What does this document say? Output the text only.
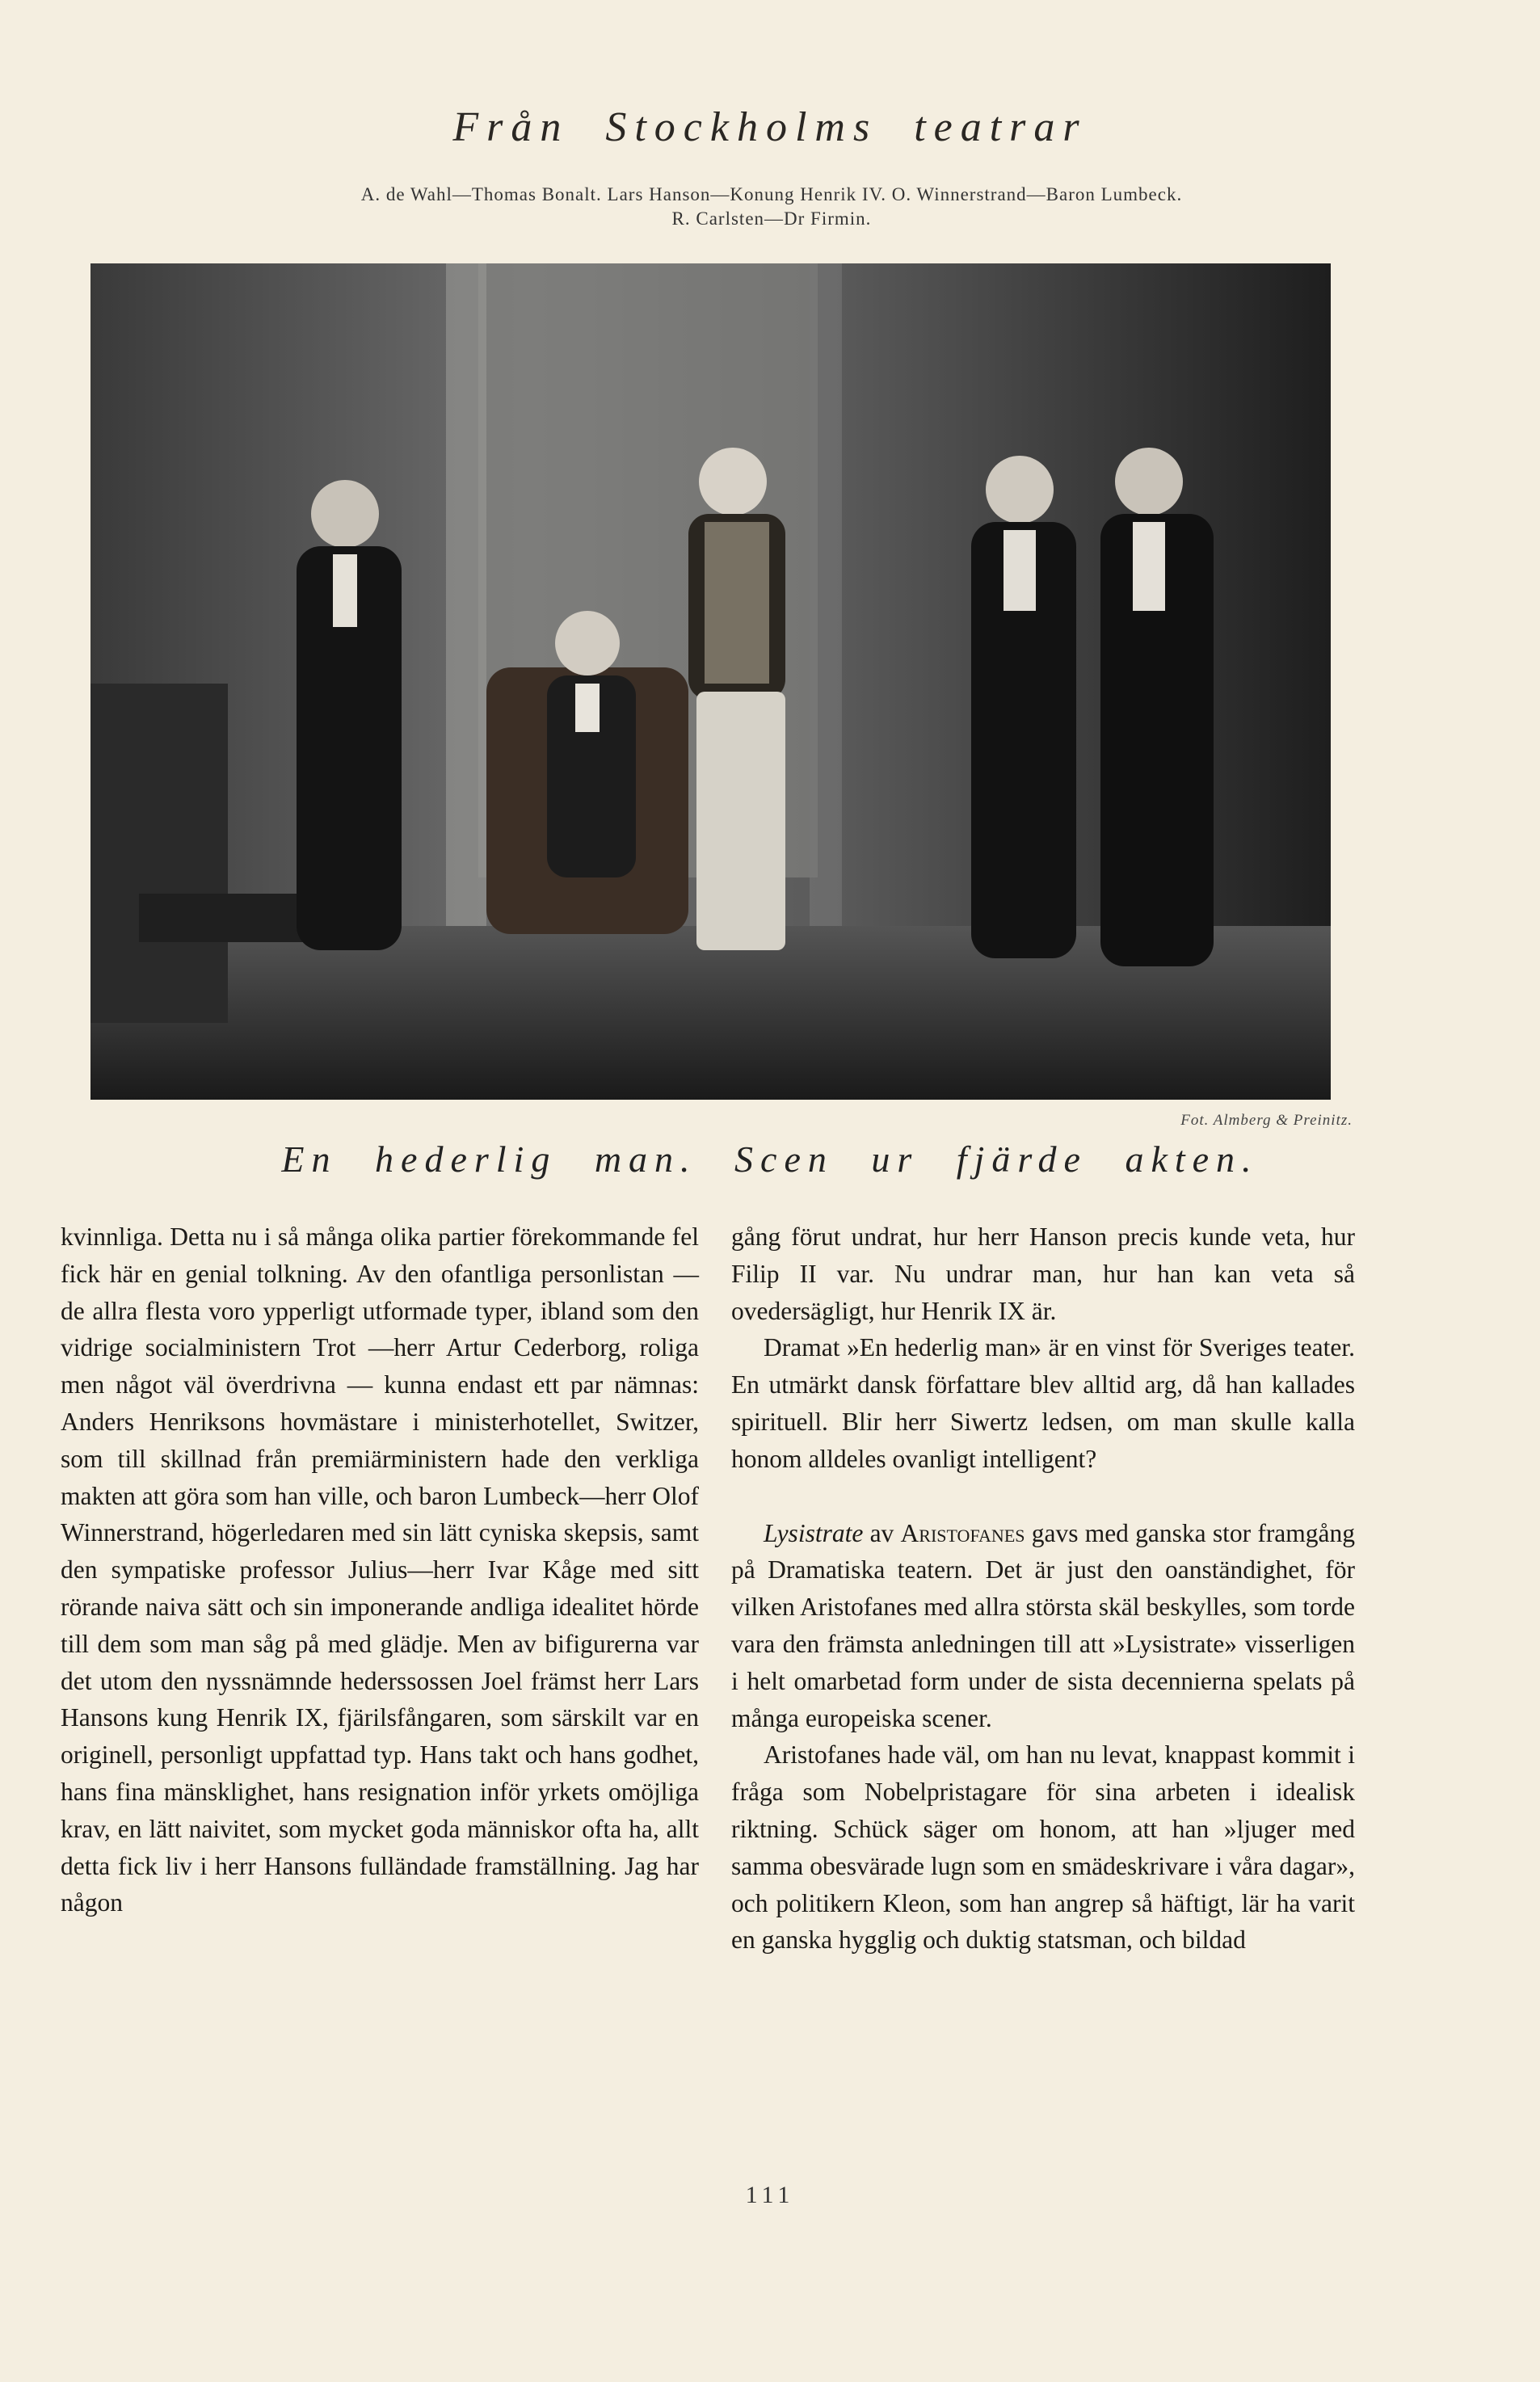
Från Stockholms teatrar
A. de Wahl—Thomas Bonalt. Lars Hanson—Konung Henrik IV. O. Winnerstrand—Baron Lumbeck.
R. Carlsten—Dr Firmin.
Fot. Almberg & Preinitz.
En hederlig man. Scen ur fjärde akten.

kvinnliga. Detta nu i så många olika partier förekommande fel fick här en genial tolkning. Av den ofantliga personlistan — de allra flesta voro ypperligt utformade typer, ibland som den vidrige socialministern Trot —herr Artur Cederborg, roliga men något väl överdrivna — kunna endast ett par nämnas: Anders Henriksons hovmästare i ministerhotellet, Switzer, som till skillnad från premiärministern hade den verkliga makten att göra som han ville, och baron Lumbeck—herr Olof Winnerstrand, högerledaren med sin lätt cyniska skepsis, samt den sympatiske professor Julius—herr Ivar Kåge med sitt rörande naiva sätt och sin imponerande andliga idealitet hörde till dem som man såg på med glädje. Men av bifigurerna var det utom den nyssnämnde hederssossen Joel främst herr Lars Hansons kung Henrik IX, fjärilsfångaren, som särskilt var en originell, personligt uppfattad typ. Hans takt och hans godhet, hans fina mänsklighet, hans resignation inför yrkets omöjliga krav, en lätt naivitet, som mycket goda människor ofta ha, allt detta fick liv i herr Hansons fulländade framställning. Jag har någon

gång förut undrat, hur herr Hanson precis kunde veta, hur Filip II var. Nu undrar man, hur han kan veta så ovedersägligt, hur Henrik IX är.

Dramat »En hederlig man» är en vinst för Sveriges teater. En utmärkt dansk författare blev alltid arg, då han kallades spirituell. Blir herr Siwertz ledsen, om man skulle kalla honom alldeles ovanligt intelligent?

Lysistrate av Aristofanes gavs med ganska stor framgång på Dramatiska teatern. Det är just den oanständighet, för vilken Aristofanes med allra största skäl beskylles, som torde vara den främsta anledningen till att »Lysistrate» visserligen i helt omarbetad form under de sista decennierna spelats på många europeiska scener.

Aristofanes hade väl, om han nu levat, knappast kommit i fråga som Nobelpristagare för sina arbeten i idealisk riktning. Schück säger om honom, att han »ljuger med samma obesvärade lugn som en smädeskrivare i våra dagar», och politikern Kleon, som han angrep så häftigt, lär ha varit en ganska hygglig och duktig statsman, och bildad

111
